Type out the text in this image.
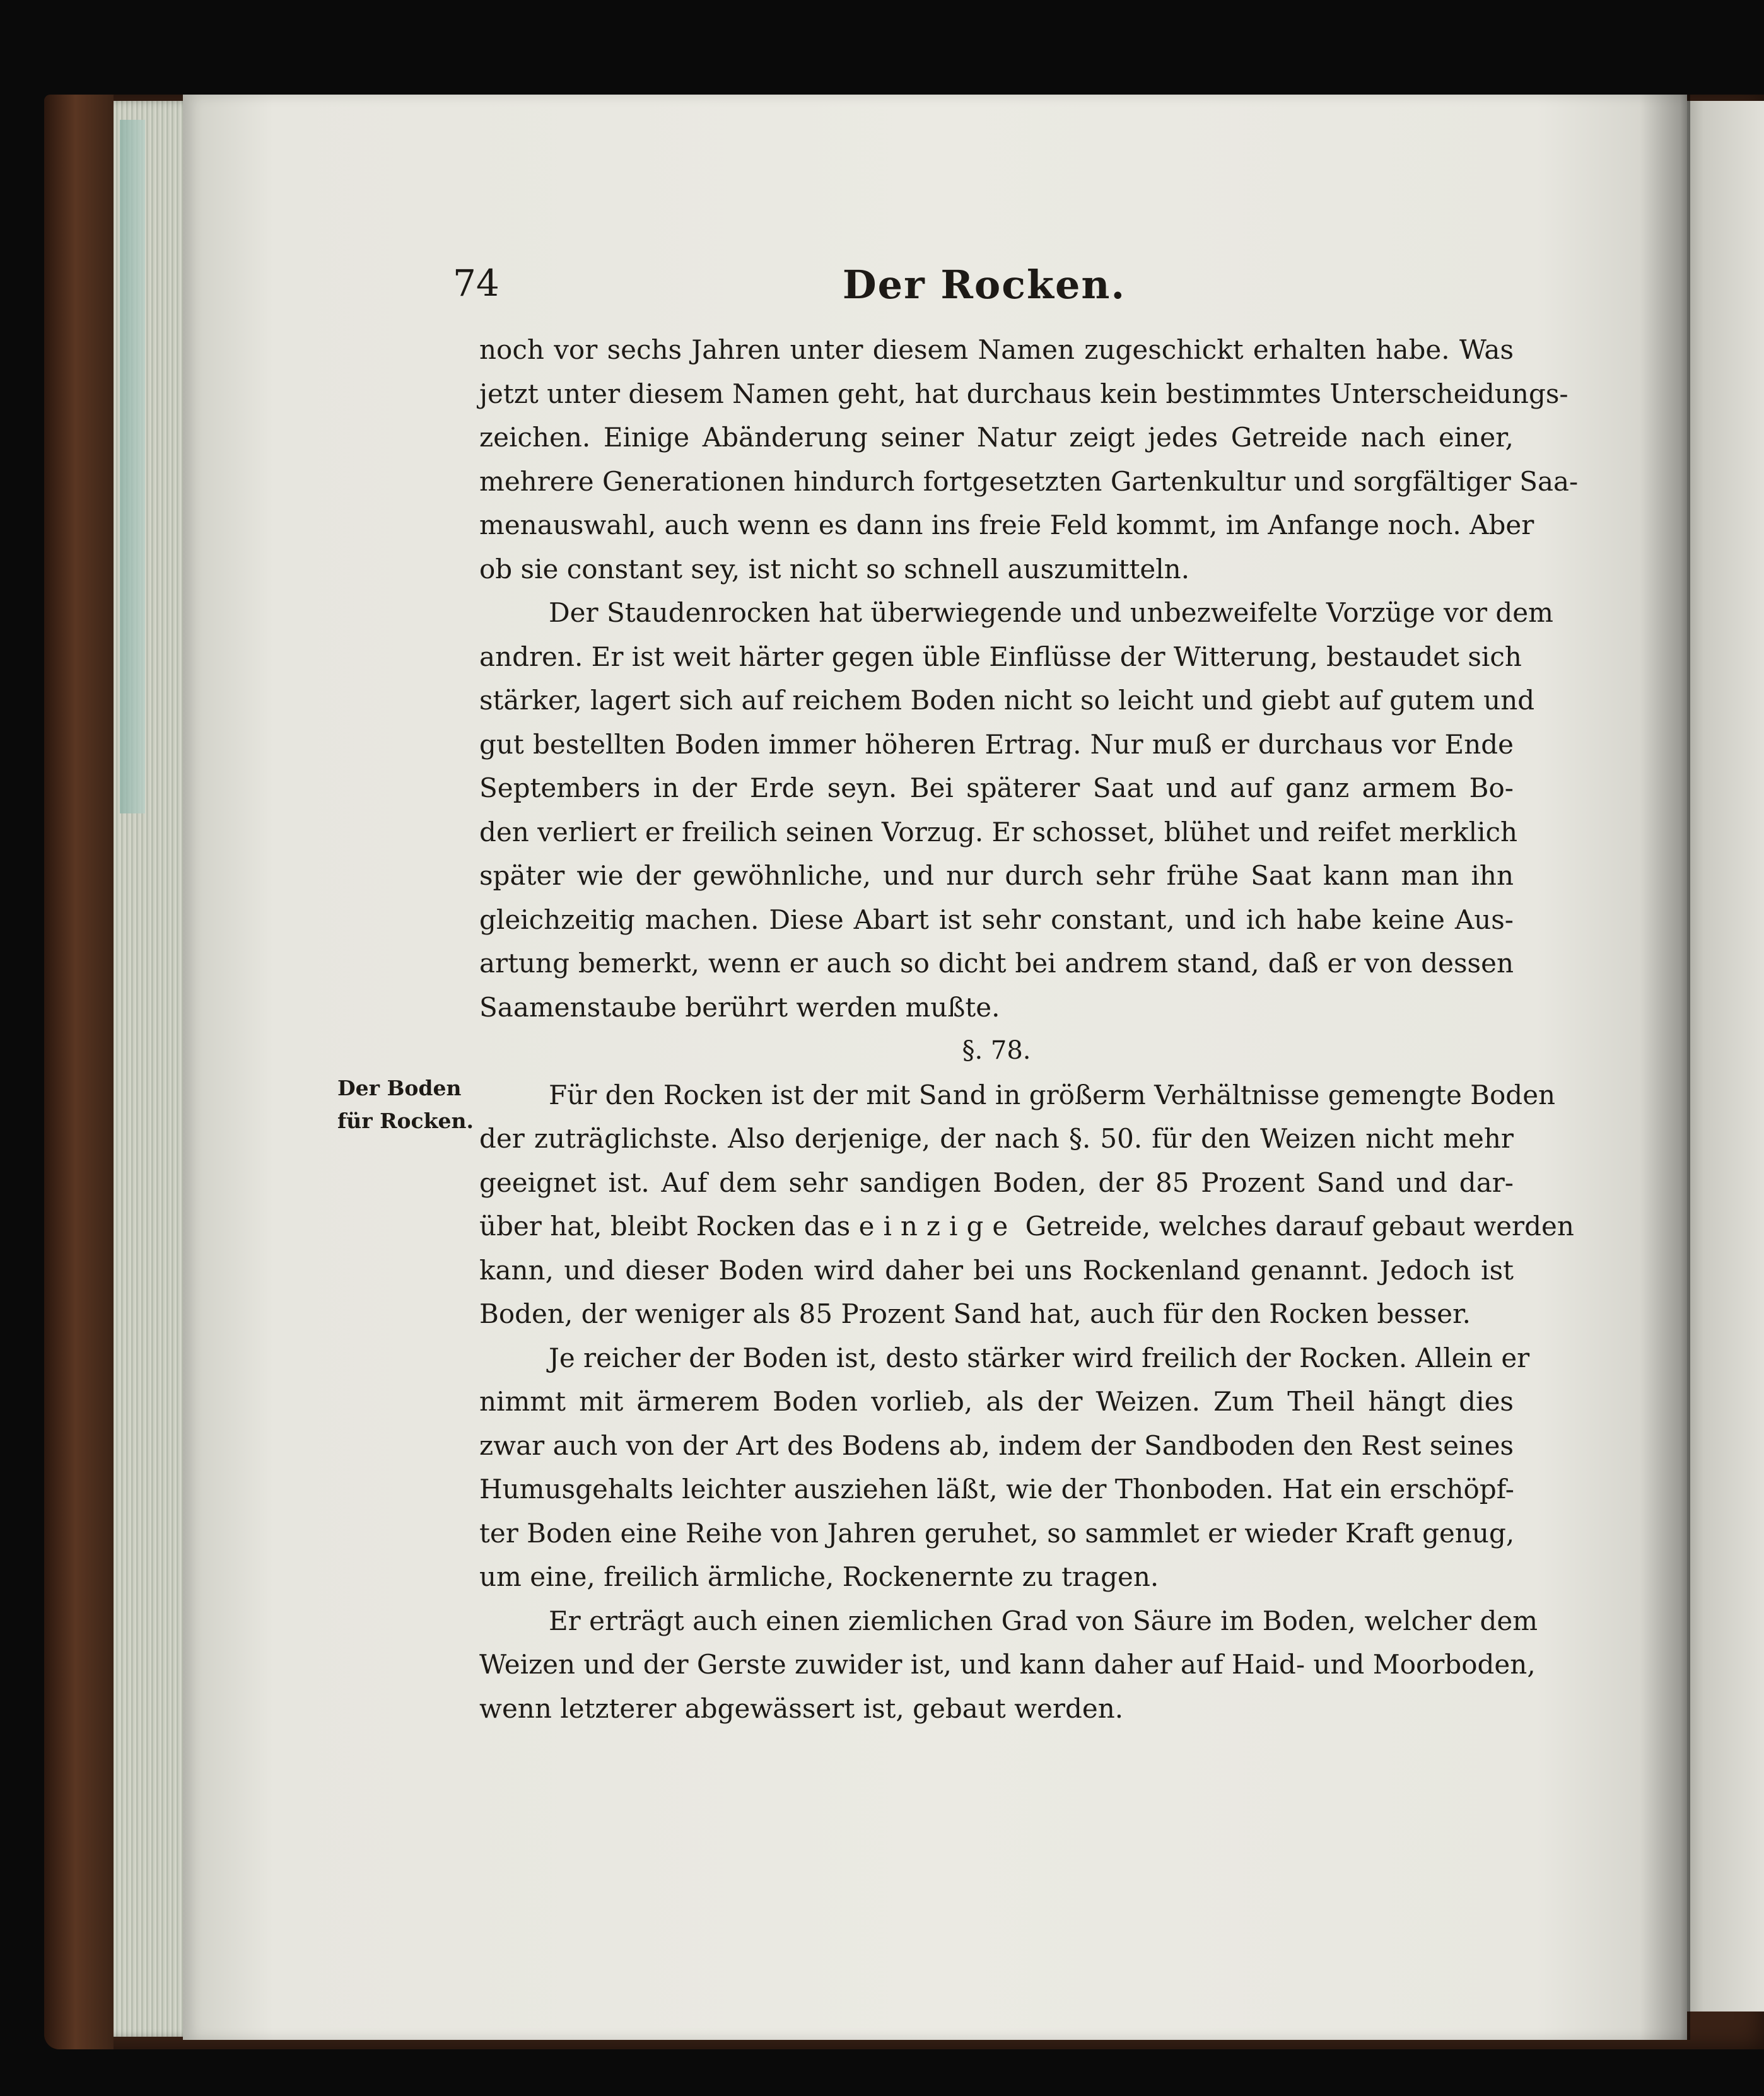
74	Der Rocken.
Der Boden
für Rocken.
noch vor sechs Jahren unter diesem Namen zugeschickt erhalten habe. Was
jetzt unter diesem Namen geht, hat durchaus kein bestimmtes Unterscheidungs-
zeichen. Einige Abänderung seiner Natur zeigt jedes Getreide nach einer,
mehrere Generationen hindurch fortgesetzten Gartenkultur und sorgfältiger Saa-
menauswahl, auch wenn es dann ins freie Feld kommt, im Anfange noch. Aber
ob sie constant sey, ist nicht so schnell auszumitteln.
Der Staudenrocken hat überwiegende und unbezweifelte Vorzüge vor dem
andren. Er ist weit härter gegen üble Einflüsse der Witterung, bestaudet sich
stärker, lagert sich auf reichem Boden nicht so leicht und giebt auf gutem und
gut bestellten Boden immer höheren Ertrag. Nur muß er durchaus vor Ende
Septembers in der Erde seyn. Bei späterer Saat und auf ganz armem Bo-
den verliert er freilich seinen Vorzug. Er schosset, blühet und reifet merklich
später wie der gewöhnliche, und nur durch sehr frühe Saat kann man ihn
gleichzeitig machen. Diese Abart ist sehr constant, und ich habe keine Aus-
artung bemerkt, wenn er auch so dicht bei andrem stand, daß er von dessen
Saamenstaube berührt werden mußte.
§. 78.
Für den Rocken ist der mit Sand in größerm Verhältnisse gemengte Boden
der zuträglichste. Also derjenige, der nach §. 50. für den Weizen nicht mehr
geeignet ist. Auf dem sehr sandigen Boden, der 85 Prozent Sand und dar-
über hat, bleibt Rocken das einzige Getreide, welches darauf gebaut werden
kann, und dieser Boden wird daher bei uns Rockenland genannt. Jedoch ist
Boden, der weniger als 85 Prozent Sand hat, auch für den Rocken besser.
Je reicher der Boden ist, desto stärker wird freilich der Rocken. Allein er
nimmt mit ärmerem Boden vorlieb, als der Weizen. Zum Theil hängt dies
zwar auch von der Art des Bodens ab, indem der Sandboden den Rest seines
Humusgehalts leichter ausziehen läßt, wie der Thonboden. Hat ein erschöpf-
ter Boden eine Reihe von Jahren geruhet, so sammlet er wieder Kraft genug,
um eine, freilich ärmliche, Rockenernte zu tragen.
Er erträgt auch einen ziemlichen Grad von Säure im Boden, welcher dem
Weizen und der Gerste zuwider ist, und kann daher auf Haid- und Moorboden,
wenn letzterer abgewässert ist, gebaut werden.
